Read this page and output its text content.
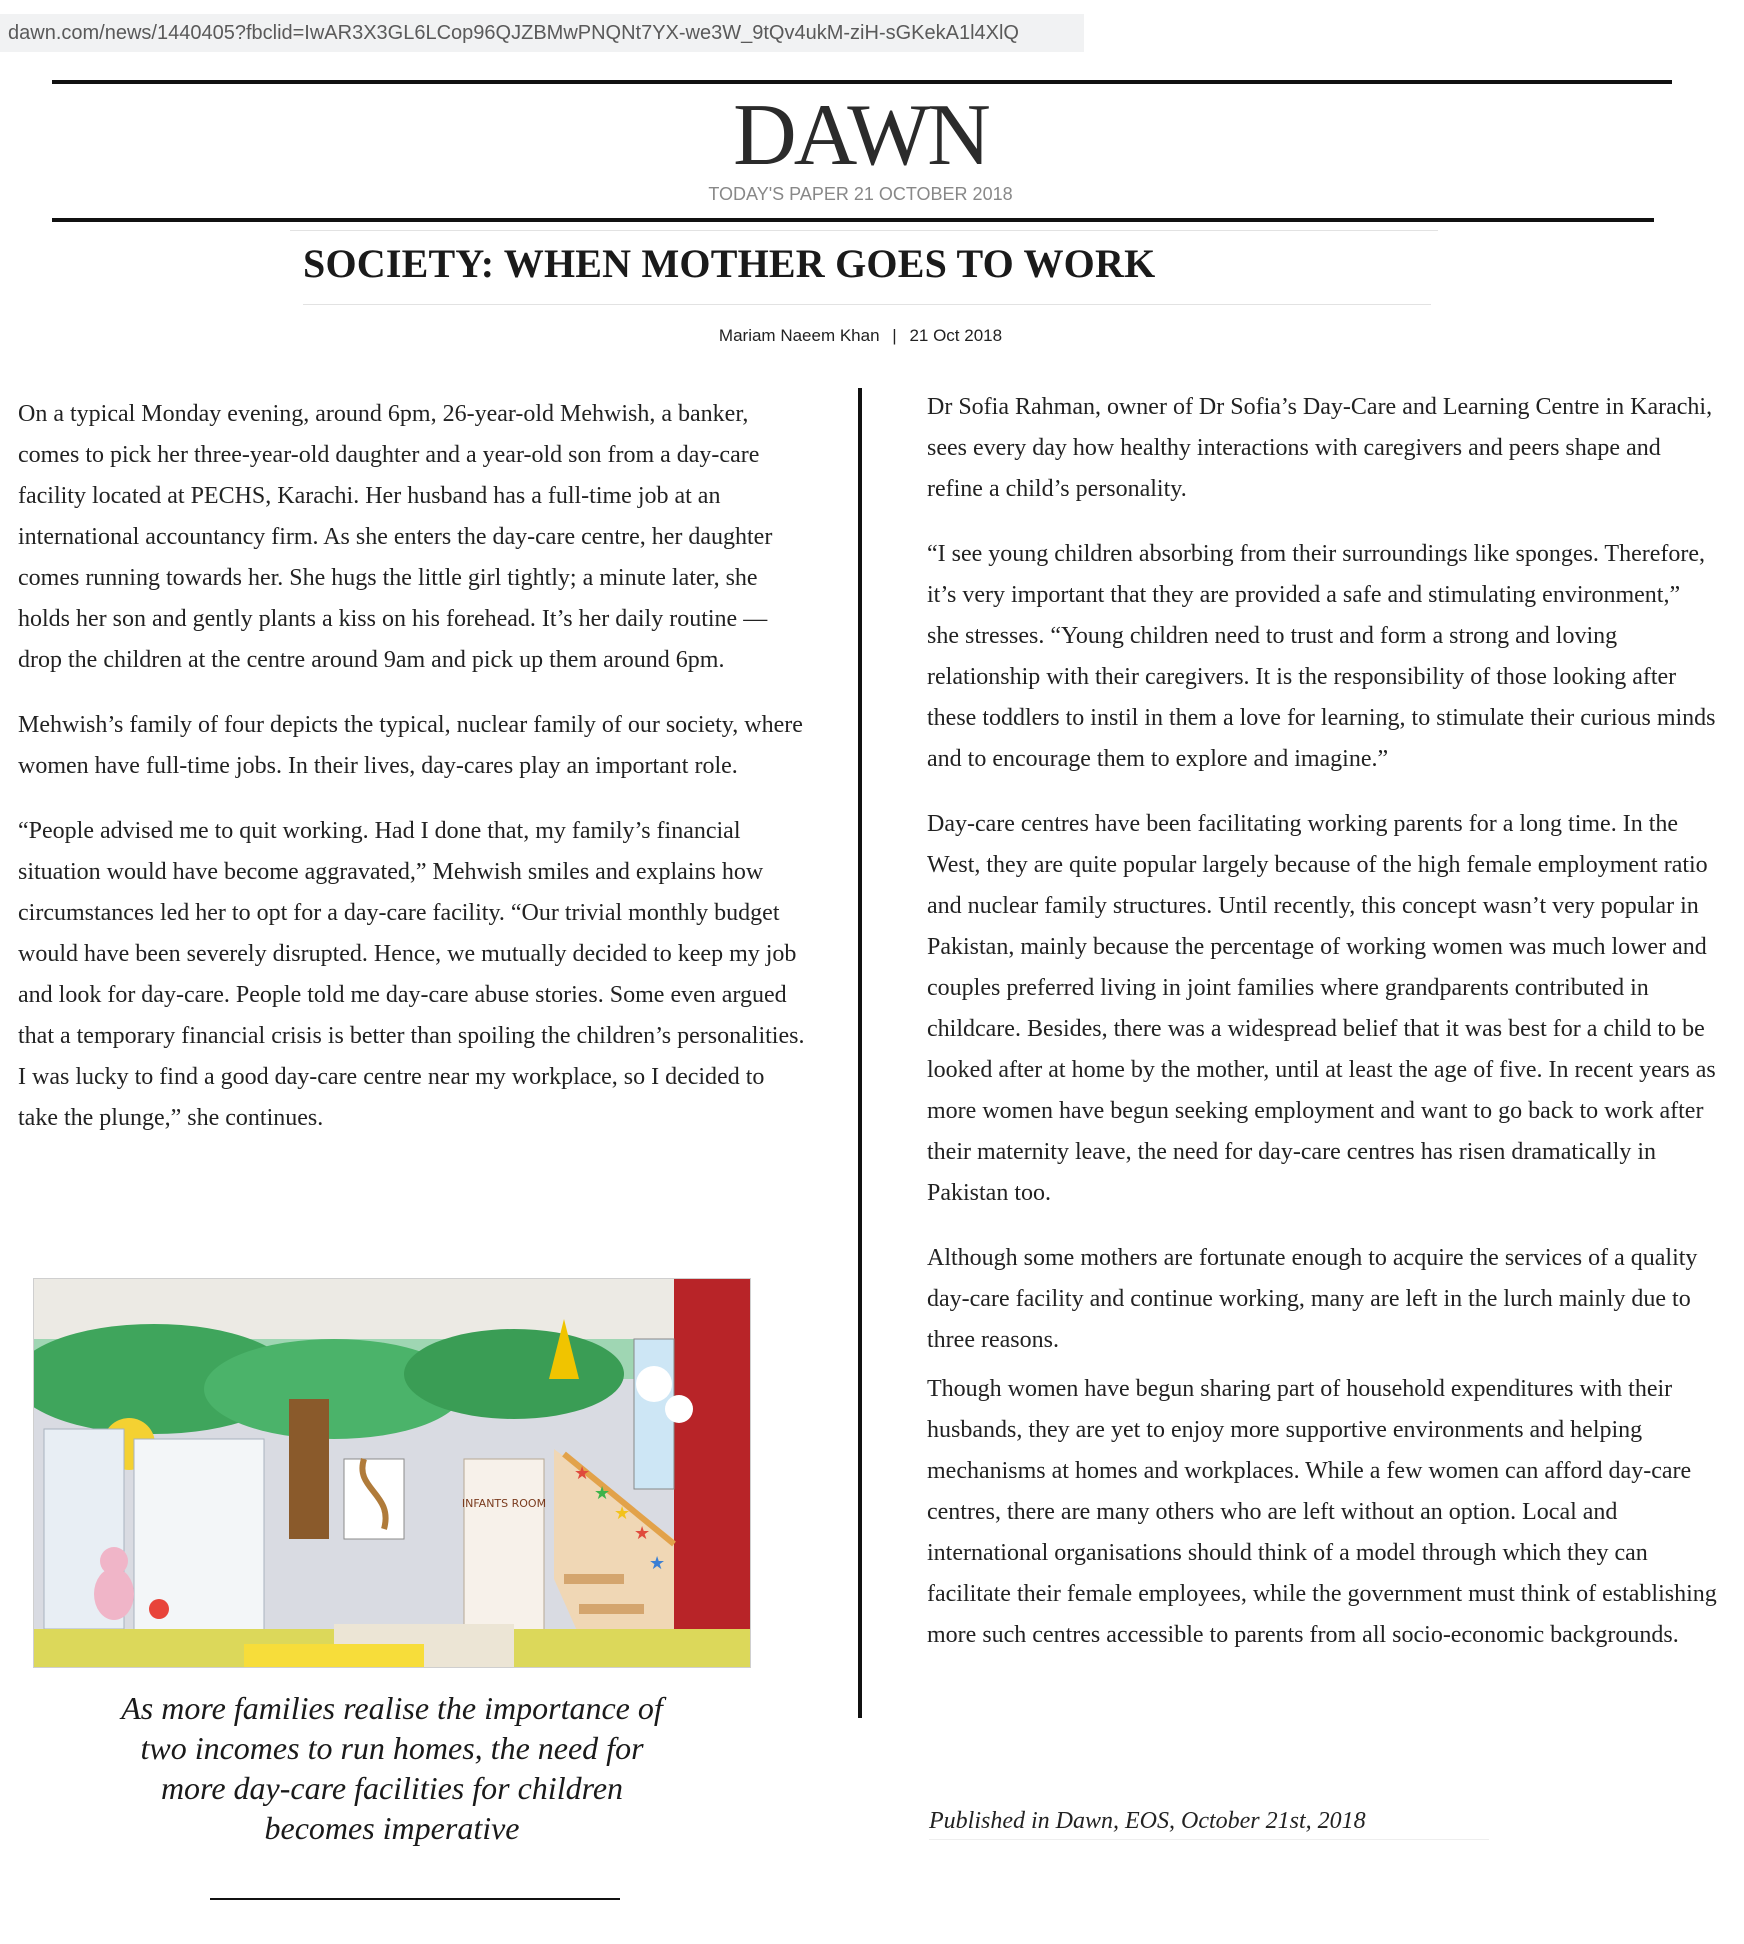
dawn.com/news/1440405?fbclid=IwAR3X3GL6LCop96QJZBMwPNQNt7YX-we3W_9tQv4ukM-ziH-sGKekA1l4XlQ
DAWN
TODAY'S PAPER 21 OCTOBER 2018
SOCIETY: WHEN MOTHER GOES TO WORK
Mariam Naeem Khan | 21 Oct 2018

On a typical Monday evening, around 6pm, 26-year-old Mehwish, a banker, comes to pick her three-year-old daughter and a year-old son from a day-care facility located at PECHS, Karachi. Her husband has a full-time job at an international accountancy firm. As she enters the day-care centre, her daughter comes running towards her. She hugs the little girl tightly; a minute later, she holds her son and gently plants a kiss on his forehead. It’s her daily routine — drop the children at the centre around 9am and pick up them around 6pm.

Mehwish’s family of four depicts the typical, nuclear family of our society, where women have full-time jobs. In their lives, day-cares play an important role.

“People advised me to quit working. Had I done that, my family’s financial situation would have become aggravated,” Mehwish smiles and explains how circumstances led her to opt for a day-care facility. “Our trivial monthly budget would have been severely disrupted. Hence, we mutually decided to keep my job and look for day-care. People told me day-care abuse stories. Some even argued that a temporary financial crisis is better than spoiling the children’s personalities. I was lucky to find a good day-care centre near my workplace, so I decided to take the plunge,” she continues.

Dr Sofia Rahman, owner of Dr Sofia’s Day-Care and Learning Centre in Karachi, sees every day how healthy interactions with caregivers and peers shape and refine a child’s personality.

“I see young children absorbing from their surroundings like sponges. Therefore, it’s very important that they are provided a safe and stimulating environment,” she stresses. “Young children need to trust and form a strong and loving relationship with their caregivers. It is the responsibility of those looking after these toddlers to instil in them a love for learning, to stimulate their curious minds and to encourage them to explore and imagine.”

Day-care centres have been facilitating working parents for a long time. In the West, they are quite popular largely because of the high female employment ratio and nuclear family structures. Until recently, this concept wasn’t very popular in Pakistan, mainly because the percentage of working women was much lower and couples preferred living in joint families where grandparents contributed in childcare. Besides, there was a widespread belief that it was best for a child to be looked after at home by the mother, until at least the age of five. In recent years as more women have begun seeking employment and want to go back to work after their maternity leave, the need for day-care centres has risen dramatically in Pakistan too.

Although some mothers are fortunate enough to acquire the services of a quality day-care facility and continue working, many are left in the lurch mainly due to three reasons.

Though women have begun sharing part of household expenditures with their husbands, they are yet to enjoy more supportive environments and helping mechanisms at homes and workplaces. While a few women can afford day-care centres, there are many others who are left without an option. Local and international organisations should think of a model through which they can facilitate their female employees, while the government must think of establishing more such centres accessible to parents from all socio-economic backgrounds.

INFANTS ROOM
★
★
★
★
★
As more families realise the importance of two incomes to run homes, the need for more day-care facilities for children becomes imperative	Published in Dawn, EOS, October 21st, 2018
